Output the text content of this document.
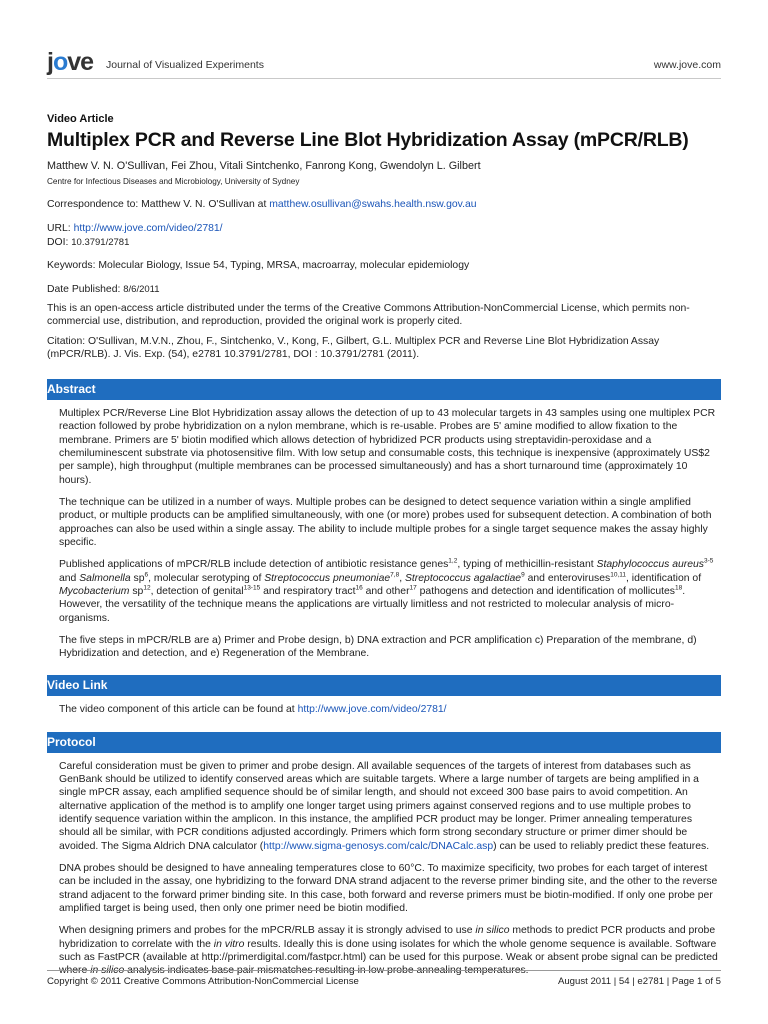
jove Journal of Visualized Experiments	www.jove.com
Video Article
Multiplex PCR and Reverse Line Blot Hybridization Assay (mPCR/RLB)
Matthew V. N. O'Sullivan, Fei Zhou, Vitali Sintchenko, Fanrong Kong, Gwendolyn L. Gilbert
Centre for Infectious Diseases and Microbiology, University of Sydney

Correspondence to: Matthew V. N. O'Sullivan at matthew.osullivan@swahs.health.nsw.gov.au

URL: http://www.jove.com/video/2781/

DOI: 10.3791/2781

Keywords: Molecular Biology, Issue 54, Typing, MRSA, macroarray, molecular epidemiology

Date Published: 8/6/2011

This is an open-access article distributed under the terms of the Creative Commons Attribution-NonCommercial License, which permits non-commercial use, distribution, and reproduction, provided the original work is properly cited.

Citation: O'Sullivan, M.V.N., Zhou, F., Sintchenko, V., Kong, F., Gilbert, G.L. Multiplex PCR and Reverse Line Blot Hybridization Assay (mPCR/RLB). J. Vis. Exp. (54), e2781 10.3791/2781, DOI : 10.3791/2781 (2011).

Abstract

Multiplex PCR/Reverse Line Blot Hybridization assay allows the detection of up to 43 molecular targets in 43 samples using one multiplex PCR reaction followed by probe hybridization on a nylon membrane, which is re-usable. Probes are 5' amine modified to allow fixation to the membrane. Primers are 5' biotin modified which allows detection of hybridized PCR products using streptavidin-peroxidase and a chemiluminescent substrate via photosensitive film. With low setup and consumable costs, this technique is inexpensive (approximately US$2 per sample), high throughput (multiple membranes can be processed simultaneously) and has a short turnaround time (approximately 10 hours).

The technique can be utilized in a number of ways. Multiple probes can be designed to detect sequence variation within a single amplified product, or multiple products can be amplified simultaneously, with one (or more) probes used for subsequent detection. A combination of both approaches can also be used within a single assay. The ability to include multiple probes for a single target sequence makes the assay highly specific.

Published applications of mPCR/RLB include detection of antibiotic resistance genes$^{1,2}$, typing of methicillin-resistant Staphylococcus aureus$^{3-5}$ and Salmonella $sp^6$, molecular serotyping of Streptococcus pneumoniae$^{7,8}$, Streptococcus agalactiae$^9$ and enteroviruses$^{10,11}$, identification of Mycobacterium $sp^{12}$, detection of genital$^{13-15}$ and respiratory tract$^{16}$ and other$^{17}$ pathogens and detection and identification of mollicutes$^{18}$. However, the versatility of the technique means the applications are virtually limitless and not restricted to molecular analysis of micro-organisms.

The five steps in mPCR/RLB are a) Primer and Probe design, b) DNA extraction and PCR amplification c) Preparation of the membrane, d) Hybridization and detection, and e) Regeneration of the Membrane.

Video Link

The video component of this article can be found at http://www.jove.com/video/2781/

Protocol

Careful consideration must be given to primer and probe design. All available sequences of the targets of interest from databases such as GenBank should be utilized to identify conserved areas which are suitable targets. Where a large number of targets are being amplified in a single mPCR assay, each amplified sequence should be of similar length, and should not exceed 300 base pairs to avoid competition. An alternative application of the method is to amplify one longer target using primers against conserved regions and to use multiple probes to identify sequence variation within the amplicon. In this instance, the amplified PCR product may be longer. Primer annealing temperatures should all be similar, with PCR conditions adjusted accordingly. Primers which form strong secondary structure or primer dimer should be avoided. The Sigma Aldrich DNA calculator (http://www.sigma-genosys.com/calc/DNACalc.asp) can be used to reliably predict these features.

DNA probes should be designed to have annealing temperatures close to 60°C. To maximize specificity, two probes for each target of interest can be included in the assay, one hybridizing to the forward DNA strand adjacent to the reverse primer binding site, and the other to the reverse strand adjacent to the forward primer binding site. In this case, both forward and reverse primers must be biotin-modified. If only one probe per amplified target is being used, then only one primer need be biotin modified.

When designing primers and probes for the mPCR/RLB assay it is strongly advised to use in silico methods to predict PCR products and probe hybridization to correlate with the in vitro results. Ideally this is done using isolates for which the whole genome sequence is available. Software such as FastPCR (available at http://primerdigital.com/fastpcr.html) can be used for this purpose. Weak or absent probe signal can be predicted where in silico analysis indicates base pair mismatches resulting in low probe annealing temperatures.

Copyright © 2011 Creative Commons Attribution-NonCommercial License	August 2011 | 54 | e2781 | Page 1 of 5
